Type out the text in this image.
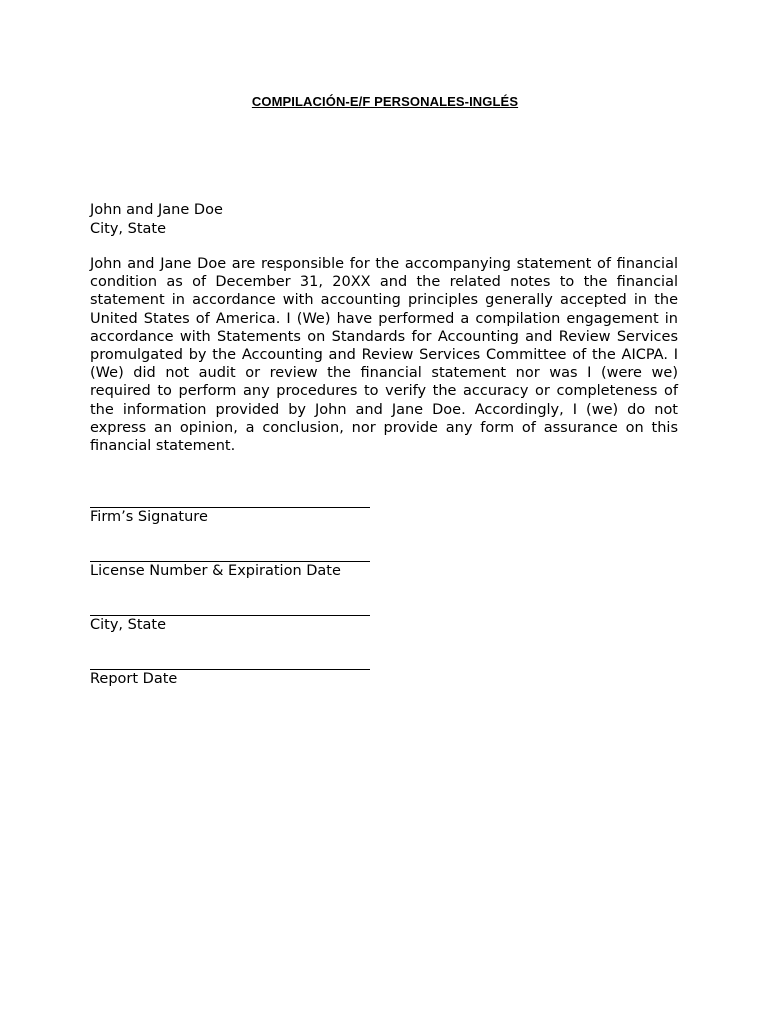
COMPILACIÓN-E/F PERSONALES-INGLÉS
John and Jane Doe
City, State

John and Jane Doe are responsible for the accompanying statement of financial condition as of December 31, 20XX and the related notes to the financial statement in accordance with accounting principles generally accepted in the United States of America. I (We) have performed a compilation engagement in accordance with Statements on Standards for Accounting and Review Services promulgated by the Accounting and Review Services Committee of the AICPA. I (We) did not audit or review the financial statement nor was I (were we) required to perform any procedures to verify the accuracy or completeness of the information provided by John and Jane Doe. Accordingly, I (we) do not express an opinion, a conclusion, nor provide any form of assurance on this financial statement.

Firm’s Signature
License Number & Expiration Date
City, State
Report Date
